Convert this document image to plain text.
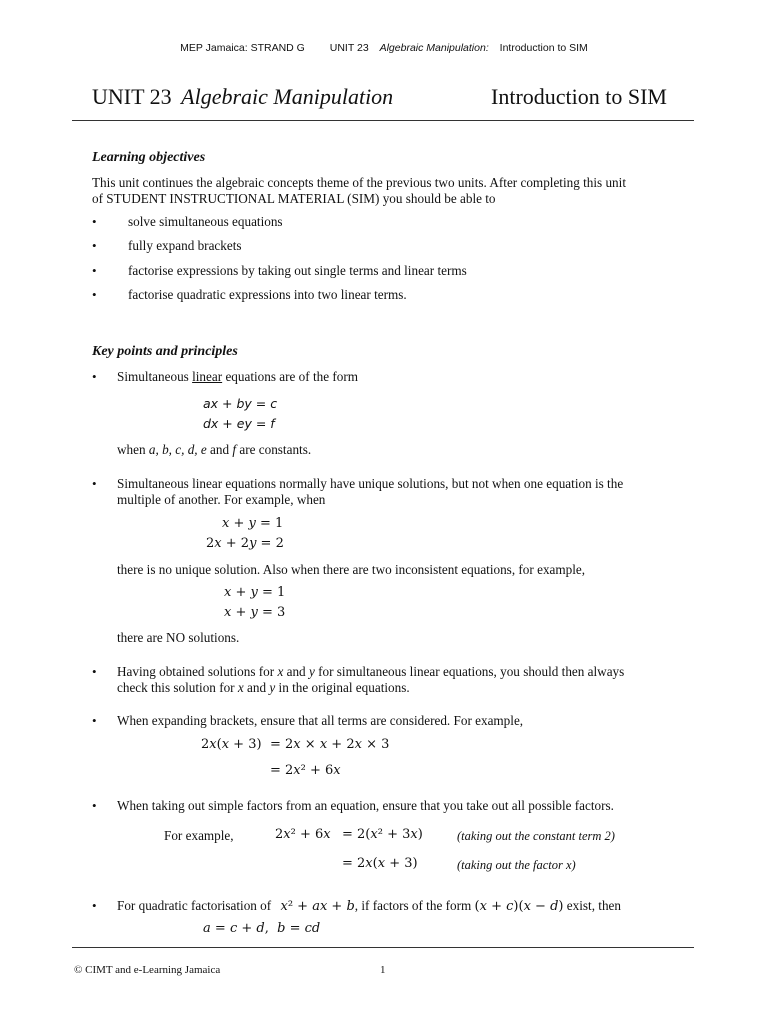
MEP Jamaica: STRAND G UNIT 23 Algebraic Manipulation: Introduction to SIM
UNIT 23 Algebraic Manipulation	Introduction to SIM
Learning objectives
This unit continues the algebraic concepts theme of the previous two units. After completing this unit
of STUDENT INSTRUCTIONAL MATERIAL (SIM) you should be able to
• solve simultaneous equations
• fully expand brackets
• factorise expressions by taking out single terms and linear terms
• factorise quadratic expressions into two linear terms.
Key points and principles
• Simultaneous linear equations are of the form
ax + by = c
dx + ey = f
when a, b, c, d, e and f are constants.
• Simultaneous linear equations normally have unique solutions, but not when one equation is the
multiple of another. For example, when
x + y = 1
2x + 2y = 2
there is no unique solution. Also when there are two inconsistent equations, for example,
x + y = 1
x + y = 3
there are NO solutions.
• Having obtained solutions for x and y for simultaneous linear equations, you should then always
check this solution for x and y in the original equations.
• When expanding brackets, ensure that all terms are considered. For example,
2x(x + 3) = 2x × x + 2x × 3
= 2x² + 6x
• When taking out simple factors from an equation, ensure that you take out all possible factors.
For example,	2x² + 6x = 2(x² + 3x)	(taking out the constant term 2)
= 2x(x + 3)	(taking out the factor x)
• For quadratic factorisation of x² + ax + b, if factors of the form (x + c)(x − d) exist, then
a = c + d,  b = cd
© CIMT and e-Learning Jamaica	1
